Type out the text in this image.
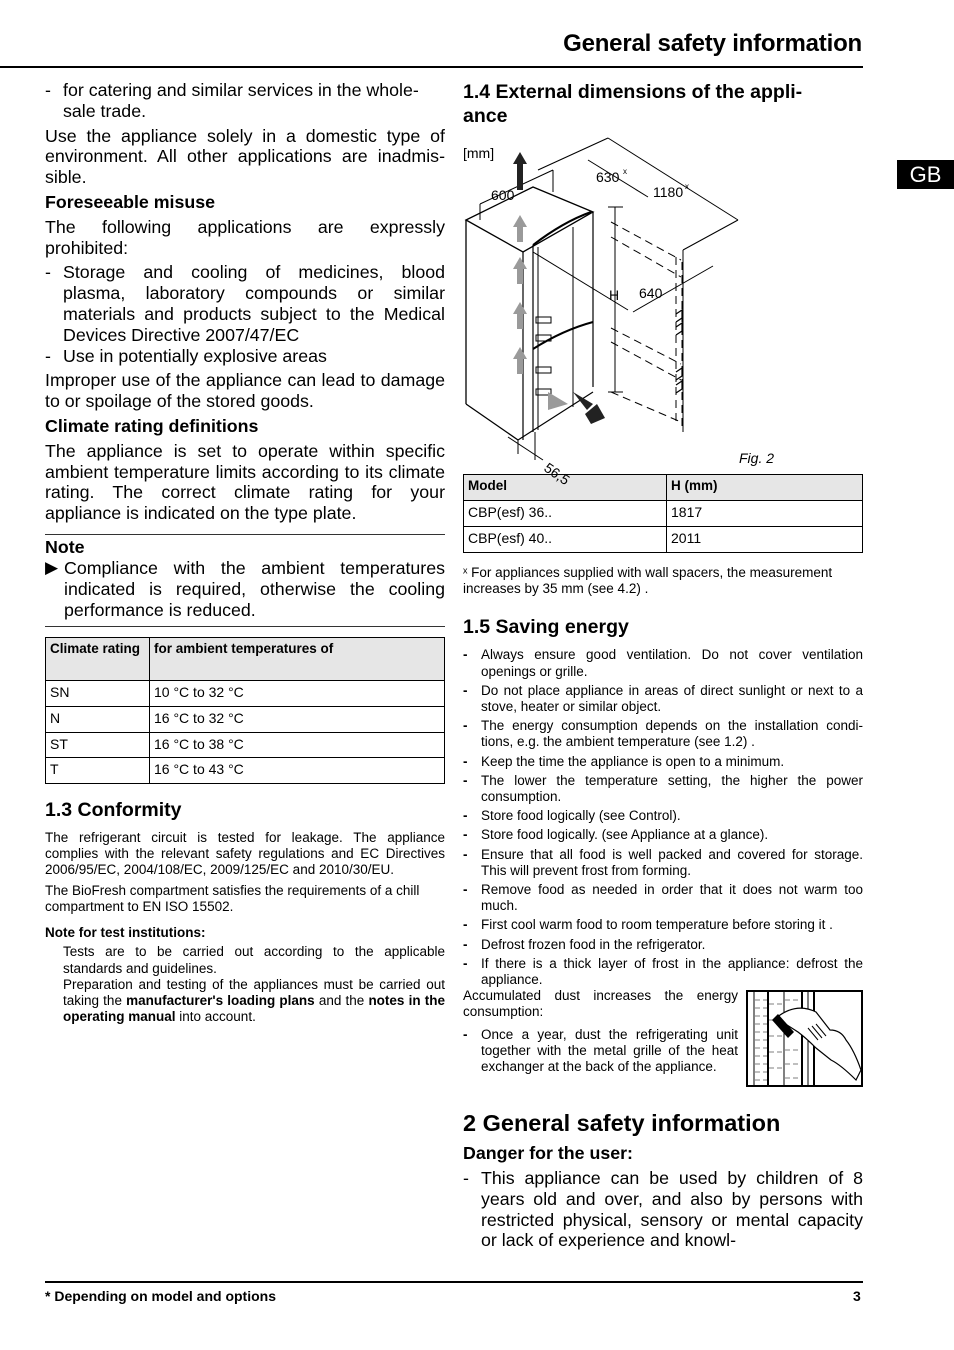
General safety information
GB
- for catering and similar services in the whole-sale trade.

Use the appliance solely in a domestic type of environment. All other applications are inadmis-sible.

Foreseeable misuse

The following applications are expressly prohibited:

- Storage and cooling of medicines, blood plasma, laboratory compounds or similar materials and products subject to the Medical Devices Directive 2007/47/EC
- Use in potentially explosive areas

Improper use of the appliance can lead to damage to or spoilage of the stored goods.

Climate rating definitions

The appliance is set to operate within specific ambient temperature limits according to its climate rating. The correct climate rating for your appliance is indicated on the type plate.

Note
▶ Compliance with the ambient temperatures indicated is required, otherwise the cooling performance is reduced.
Climate rating	for ambient temperatures of
SN	10 °C to 32 °C
N	16 °C to 32 °C
ST	16 °C to 38 °C
T	16 °C to 43 °C
1.3 Conformity

The refrigerant circuit is tested for leakage. The appliance complies with the relevant safety regulations and EC Directives 2006/95/EC, 2004/108/EC, 2009/125/EC and 2010/30/EU.

The BioFresh compartment satisfies the requirements of a chill compartment to EN ISO 15502.

Note for test institutions:
Tests are to be carried out according to the applicable standards and guidelines.
Preparation and testing of the appliances must be carried out taking the manufacturer's loading plans and the notes in the operating manual into account.
1.4 External dimensions of the appli-ance
[mm]
600
630 x
1180 x
H 640
56,5
Fig. 2
Model	H (mm)
CBP(esf) 36..	1817
CBP(esf) 40..	2011
ˣ For appliances supplied with wall spacers, the measurement increases by 35 mm (see 4.2) .
1.5 Saving energy
-	Always ensure good ventilation. Do not cover ventilation openings or grille.
-	Do not place appliance in areas of direct sunlight or next to a stove, heater or similar object.
-	The energy consumption depends on the installation condi-tions, e.g. the ambient temperature (see 1.2) .
-	Keep the time the appliance is open to a minimum.
-	The lower the temperature setting, the higher the power consumption.
-	Store food logically (see Control).
-	Store food logically. (see Appliance at a glance).
-	Ensure that all food is well packed and covered for storage. This will prevent frost from forming.
-	Remove food as needed in order that it does not warm too much.
-	First cool warm food to room temperature before storing it .
-	Defrost frozen food in the refrigerator.
-	If there is a thick layer of frost in the appliance: defrost the appliance.
Accumulated dust increases the energy consumption:
-	Once a year, dust the refrigerating unit together with the metal grille of the heat exchanger at the back of the appliance.
2 General safety information
Danger for the user:
- This appliance can be used by children of 8 years old and over, and also by persons with restricted physical, sensory or mental capacity or lack of experience and knowl-
* Depending on model and options	3
